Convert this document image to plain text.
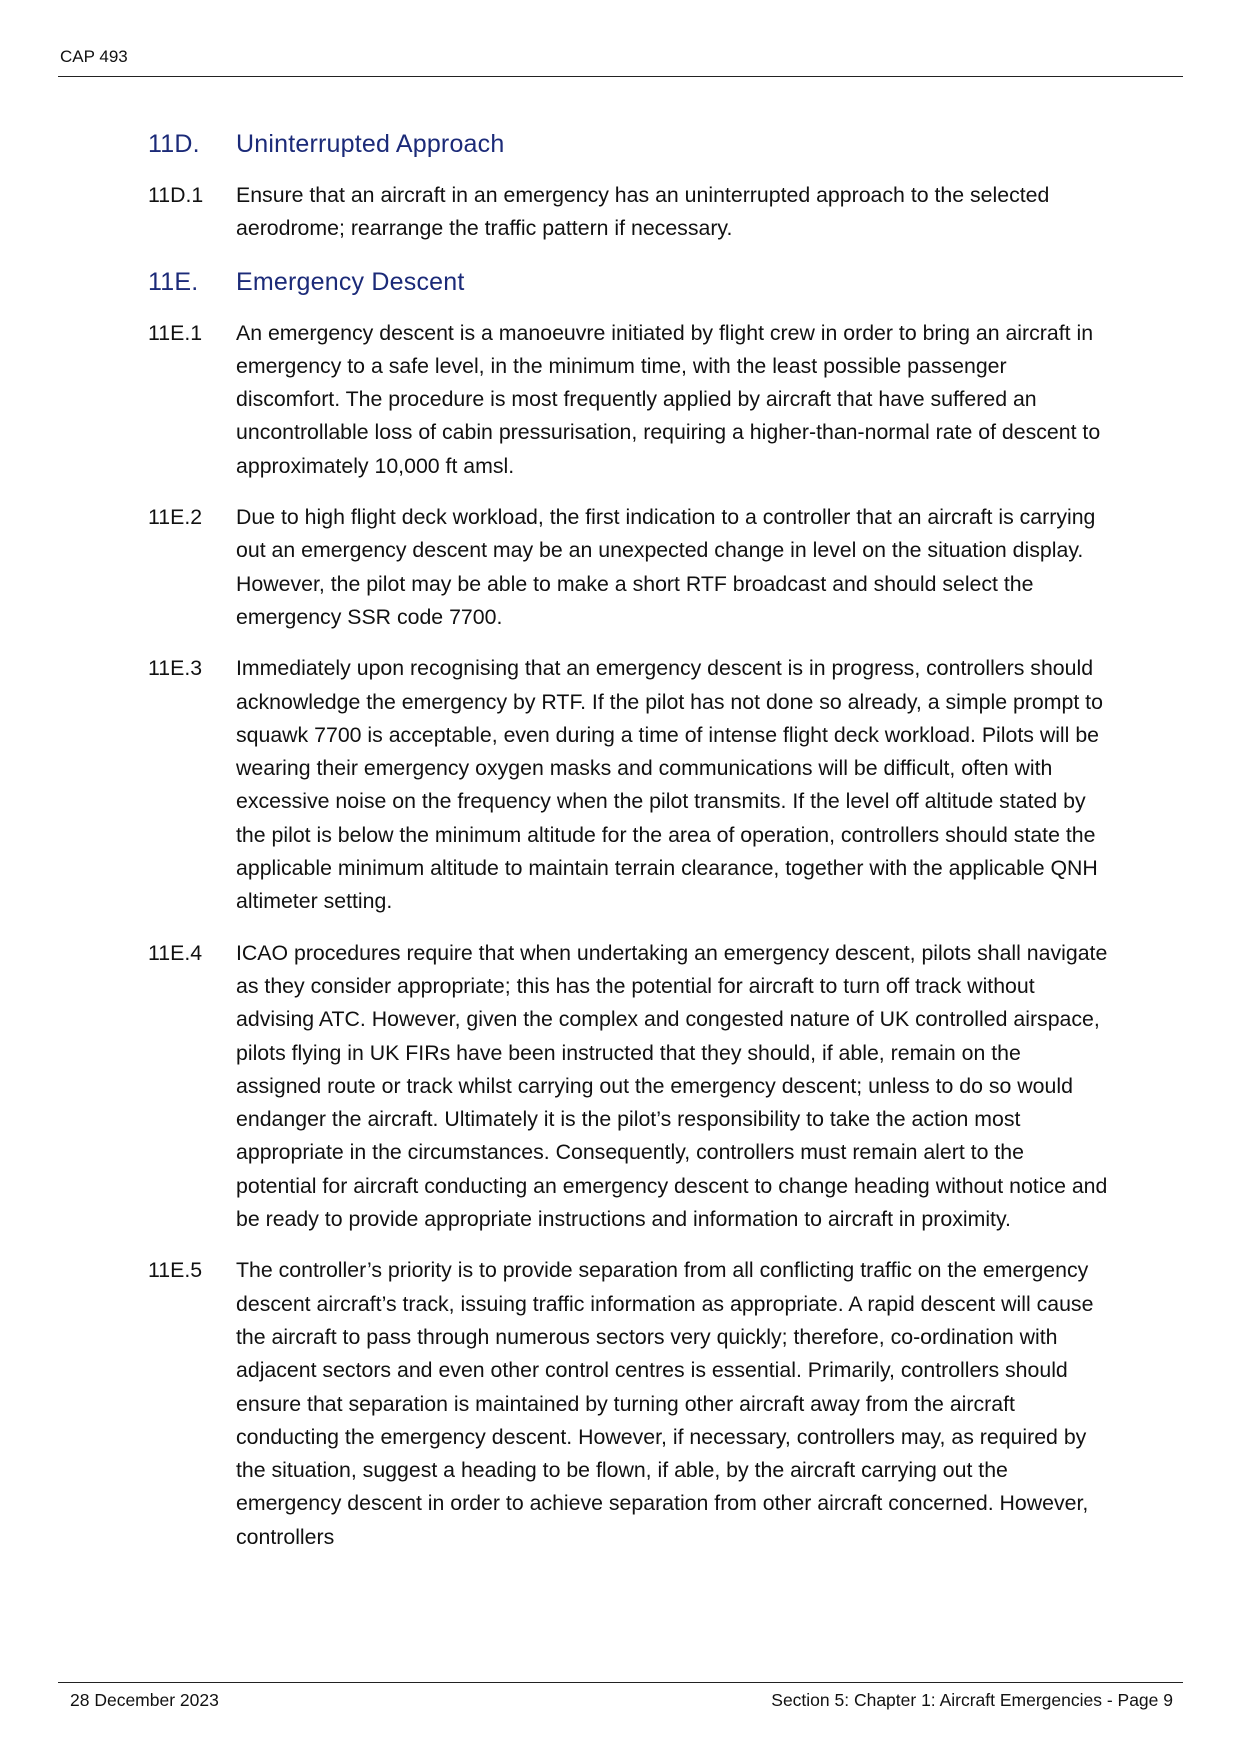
CAP 493
11D.	Uninterrupted Approach
11D.1	Ensure that an aircraft in an emergency has an uninterrupted approach to the selected aerodrome; rearrange the traffic pattern if necessary.
11E.	Emergency Descent
11E.1	An emergency descent is a manoeuvre initiated by flight crew in order to bring an aircraft in emergency to a safe level, in the minimum time, with the least possible passenger discomfort. The procedure is most frequently applied by aircraft that have suffered an uncontrollable loss of cabin pressurisation, requiring a higher-than-normal rate of descent to approximately 10,000 ft amsl.
11E.2	Due to high flight deck workload, the first indication to a controller that an aircraft is carrying out an emergency descent may be an unexpected change in level on the situation display. However, the pilot may be able to make a short RTF broadcast and should select the emergency SSR code 7700.
11E.3	Immediately upon recognising that an emergency descent is in progress, controllers should acknowledge the emergency by RTF. If the pilot has not done so already, a simple prompt to squawk 7700 is acceptable, even during a time of intense flight deck workload. Pilots will be wearing their emergency oxygen masks and communications will be difficult, often with excessive noise on the frequency when the pilot transmits. If the level off altitude stated by the pilot is below the minimum altitude for the area of operation, controllers should state the applicable minimum altitude to maintain terrain clearance, together with the applicable QNH altimeter setting.
11E.4	ICAO procedures require that when undertaking an emergency descent, pilots shall navigate as they consider appropriate; this has the potential for aircraft to turn off track without advising ATC. However, given the complex and congested nature of UK controlled airspace, pilots flying in UK FIRs have been instructed that they should, if able, remain on the assigned route or track whilst carrying out the emergency descent; unless to do so would endanger the aircraft. Ultimately it is the pilot’s responsibility to take the action most appropriate in the circumstances. Consequently, controllers must remain alert to the potential for aircraft conducting an emergency descent to change heading without notice and be ready to provide appropriate instructions and information to aircraft in proximity.
11E.5	The controller’s priority is to provide separation from all conflicting traffic on the emergency descent aircraft’s track, issuing traffic information as appropriate. A rapid descent will cause the aircraft to pass through numerous sectors very quickly; therefore, co-ordination with adjacent sectors and even other control centres is essential. Primarily, controllers should ensure that separation is maintained by turning other aircraft away from the aircraft conducting the emergency descent. However, if necessary, controllers may, as required by the situation, suggest a heading to be flown, if able, by the aircraft carrying out the emergency descent in order to achieve separation from other aircraft concerned. However, controllers
28 December 2023	Section 5: Chapter 1: Aircraft Emergencies - Page 9
